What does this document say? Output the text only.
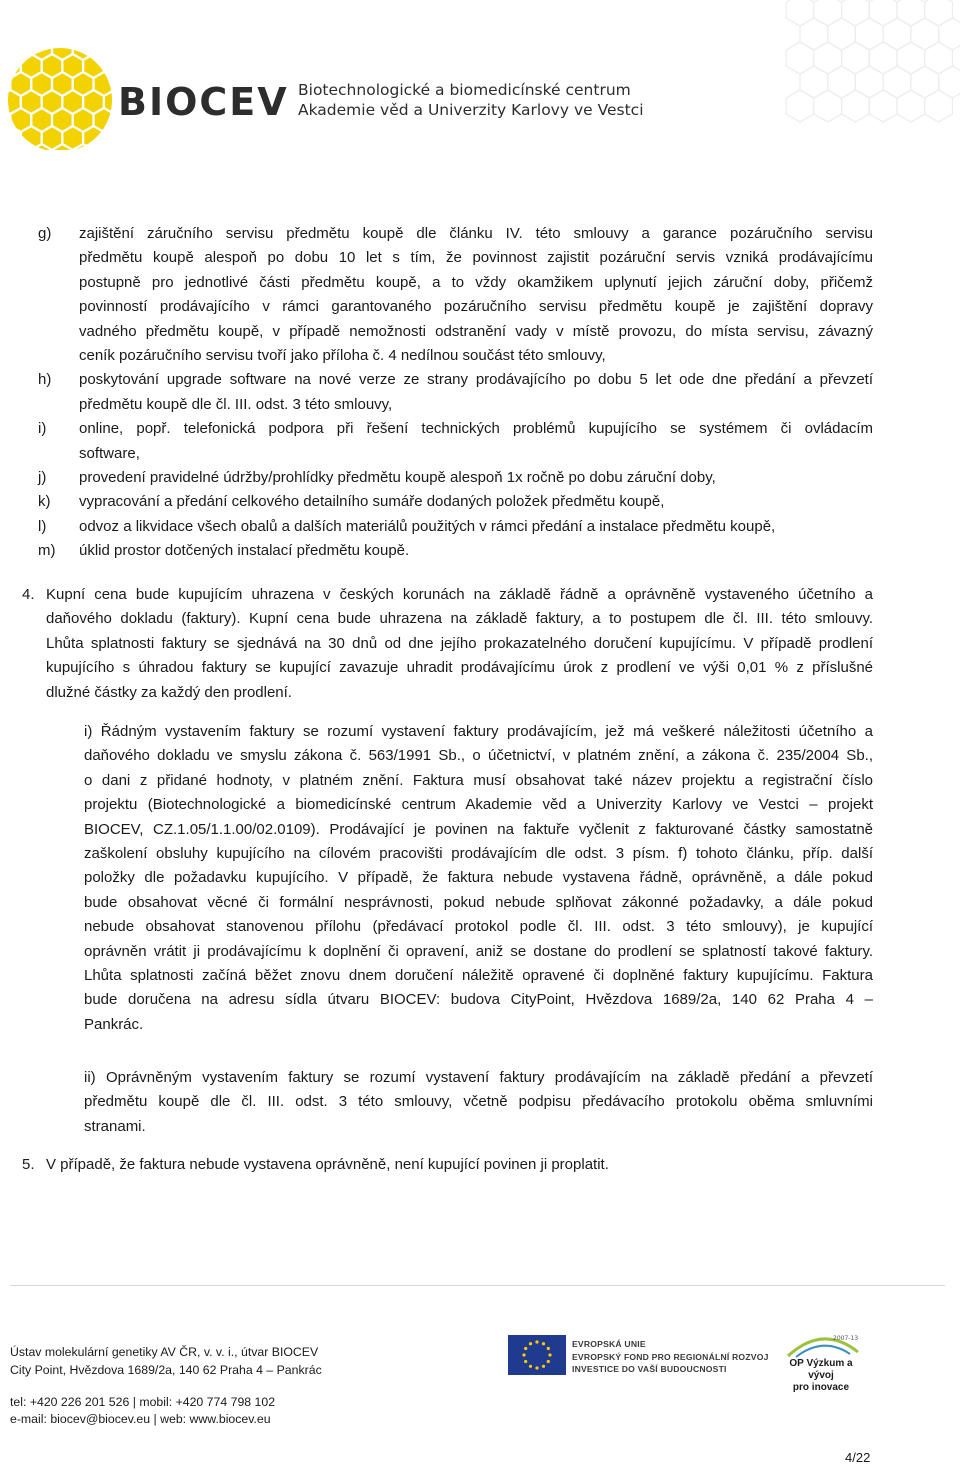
BIOCEV Biotechnologické a biomedicínské centrum
Akademie věd a Univerzity Karlovy ve Vestci
g) zajištění záručního servisu předmětu koupě dle článku IV. této smlouvy a garance pozáručního servisu
předmětu koupě alespoň po dobu 10 let s tím, že povinnost zajistit pozáruční servis vzniká prodávajícímu
postupně pro jednotlivé části předmětu koupě, a to vždy okamžikem uplynutí jejich záruční doby, přičemž
povinností prodávajícího v rámci garantovaného pozáručního servisu předmětu koupě je zajištění dopravy
vadného předmětu koupě, v případě nemožnosti odstranění vady v místě provozu, do místa servisu, závazný
ceník pozáručního servisu tvoří jako příloha č. 4 nedílnou součást této smlouvy,
h) poskytování upgrade software na nové verze ze strany prodávajícího po dobu 5 let ode dne předání a převzetí
předmětu koupě dle čl. III. odst. 3 této smlouvy,
i) online, popř. telefonická podpora při řešení technických problémů kupujícího se systémem či ovládacím
software,
j) provedení pravidelné údržby/prohlídky předmětu koupě alespoň 1x ročně po dobu záruční doby,
k) vypracování a předání celkového detailního sumáře dodaných položek předmětu koupě,
l) odvoz a likvidace všech obalů a dalších materiálů použitých v rámci předání a instalace předmětu koupě,
m) úklid prostor dotčených instalací předmětu koupě.
4. Kupní cena bude kupujícím uhrazena v českých korunách na základě řádně a oprávněně vystaveného účetního a
daňového dokladu (faktury). Kupní cena bude uhrazena na základě faktury, a to postupem dle čl. III. této smlouvy.
Lhůta splatnosti faktury se sjednává na 30 dnů od dne jejího prokazatelného doručení kupujícímu. V případě prodlení
kupujícího s úhradou faktury se kupující zavazuje uhradit prodávajícímu úrok z prodlení ve výši 0,01 % z příslušné
dlužné částky za každý den prodlení.
i) Řádným vystavením faktury se rozumí vystavení faktury prodávajícím, jež má veškeré náležitosti účetního a
daňového dokladu ve smyslu zákona č. 563/1991 Sb., o účetnictví, v platném znění, a zákona č. 235/2004 Sb.,
o dani z přidané hodnoty, v platném znění. Faktura musí obsahovat také název projektu a registrační číslo
projektu (Biotechnologické a biomedicínské centrum Akademie věd a Univerzity Karlovy ve Vestci – projekt
BIOCEV, CZ.1.05/1.1.00/02.0109). Prodávající je povinen na faktuře vyčlenit z fakturované částky samostatně
zaškolení obsluhy kupujícího na cílovém pracovišti prodávajícím dle odst. 3 písm. f) tohoto článku, příp. další
položky dle požadavku kupujícího. V případě, že faktura nebude vystavena řádně, oprávněně, a dále pokud
bude obsahovat věcné či formální nesprávnosti, pokud nebude splňovat zákonné požadavky, a dále pokud
nebude obsahovat stanovenou přílohu (předávací protokol podle čl. III. odst. 3 této smlouvy), je kupující
oprávněn vrátit ji prodávajícímu k doplnění či opravení, aniž se dostane do prodlení se splatností takové faktury.
Lhůta splatnosti začíná běžet znovu dnem doručení náležitě opravené či doplněné faktury kupujícímu. Faktura
bude doručena na adresu sídla útvaru BIOCEV: budova CityPoint, Hvězdova 1689/2a, 140 62 Praha 4 –
Pankrác.
ii) Oprávněným vystavením faktury se rozumí vystavení faktury prodávajícím na základě předání a převzetí
předmětu koupě dle čl. III. odst. 3 této smlouvy, včetně podpisu předávacího protokolu oběma smluvními
stranami.
5. V případě, že faktura nebude vystavena oprávněně, není kupující povinen ji proplatit.
Ústav molekulární genetiky AV ČR, v. v. i., útvar BIOCEV
City Point, Hvězdova 1689/2a, 140 62 Praha 4 – Pankrác
tel: +420 226 201 526 | mobil: +420 774 798 102
e-mail: biocev@biocev.eu | web: www.biocev.eu
EVROPSKÁ UNIE
EVROPSKÝ FOND PRO REGIONÁLNÍ ROZVOJ
INVESTICE DO VAŠÍ BUDOUCNOSTI
2007-13
OP Výzkum a vývoj
pro inovace
4/22
